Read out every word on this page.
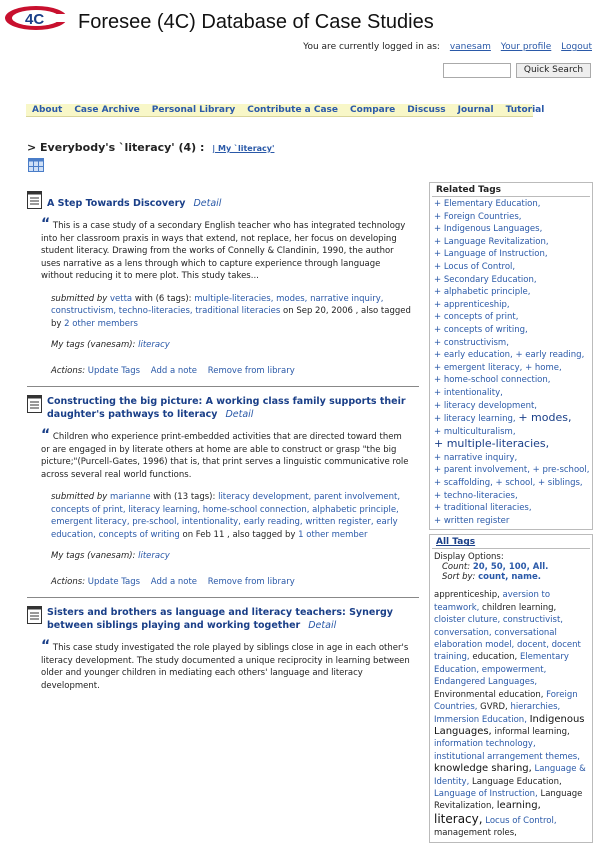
4C Foresee (4C) Database of Case Studies
You are currently logged in as: vanesam Your profile Logout
Quick Search
About	Case Archive	Personal Library	Contribute a Case	Compare	Discuss	Journal	Tutorial
> Everybody's `literacy' (4) : | My `literacy'
A Step Towards Discovery Detail
“ This is a case study of a secondary English teacher who has integrated technology into her classroom praxis in ways that extend, not replace, her focus on developing student literacy. Drawing from the works of Connelly & Clandinin, 1990, the author uses narrative as a lens through which to capture experience through language without reducing it to mere plot. This study takes...
submitted by vetta with (6 tags): multiple-literacies, modes, narrative inquiry, constructivism, techno-literacies, traditional literacies on Sep 20, 2006 , also tagged by 2 other members
My tags (vanesam): literacy
Actions: Update Tags Add a note Remove from library
Constructing the big picture: A working class family supports their daughter's pathways to literacy Detail
“ Children who experience print-embedded activities that are directed toward them or are engaged in by literate others at home are able to construct or grasp "the big picture;"(Purcell-Gates, 1996) that is, that print serves a linguistic communicative role across several real world functions.
submitted by marianne with (13 tags): literacy development, parent involvement, concepts of print, literacy learning, home-school connection, alphabetic principle, emergent literacy, pre-school, intentionality, early reading, written register, early education, concepts of writing on Feb 11 , also tagged by 1 other member
My tags (vanesam): literacy
Actions: Update Tags Add a note Remove from library
Sisters and brothers as language and literacy teachers: Synergy between siblings playing and working together Detail
“ This case study investigated the role played by siblings close in age in each other's literacy development. The study documented a unique reciprocity in learning between older and younger children in mediating each others' language and literacy development.
Related Tags
+ Elementary Education, + Foreign Countries, + Indigenous Languages, + Language Revitalization, + Language of Instruction, + Locus of Control, + Secondary Education, + alphabetic principle, + apprenticeship, + concepts of print, + concepts of writing, + constructivism, + early education, + early reading, + emergent literacy, + home, + home-school connection, + intentionality, + literacy development, + literacy learning, + modes, + multiculturalism, + multiple-literacies, + narrative inquiry, + parent involvement, + pre-school, + scaffolding, + school, + siblings, + techno-literacies, + traditional literacies, + written register
All Tags
Display Options:
Count: 20, 50, 100, All.
Sort by: count, name.
apprenticeship, aversion to teamwork, children learning, cloister cluture, constructivist, conversation, conversational elaboration model, docent, docent training, education, Elementary Education, empowerment, Endangered Languages, Environmental education, Foreign Countries, GVRD, hierarchies, Immersion Education, Indigenous Languages, informal learning, information technology, institutional arrangement themes, knowledge sharing, Language & Identity, Language Education, Language of Instruction, Language Revitalization, learning, literacy, Locus of Control, management roles,
